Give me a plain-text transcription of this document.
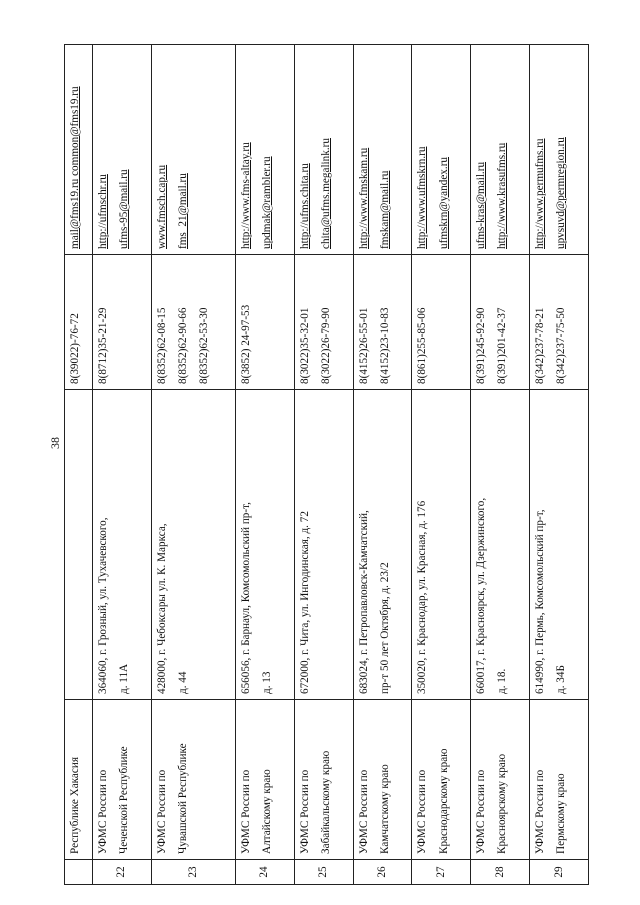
38

	Республике Хакасия		8(39022)-76-72	mail@fms19.ru common@fms19.ru

22	УФМС России по Чеченской Республике	364060, г. Грозный, ул. Тухачевского, д. 11А	8(8712)35-21-29	http://ufmschr.ru ufms-95@mail.ru

23	УФМС России по Чувашской Республике	428000, г. Чебоксары ул. К. Маркса, д. 44	8(8352)62-08-15 8(8352)62-90-66 8(8352)62-53-30	www.fmsch.cap.ru fms_21@mail.ru

24	УФМС России по Алтайскому краю	656056, г. Барнаул, Комсомольский пр-т, д. 13	8(3852) 24-97-53	http://www.fms-altay.ru updmak@rambler.ru

25	УФМС России по Забайкальскому краю	672000, г. Чита, ул. Ингодинская, д. 72	8(3022)35-32-01 8(3022)26-79-90	http://ufms.chita.ru chita@ufms.megalink.ru

26	УФМС России по Камчатскому краю	683024, г. Петропавловск-Камчатский, пр-т 50 лет Октября, д. 23/2	8(4152)26-55-01 8(4152)23-10-83	http://www.fmskam.ru fmskam@mail.ru

27	УФМС России по Краснодарскому краю	350020, г. Краснодар, ул. Красная, д. 176	8(861)255-85-06	http://www.ufmskrn.ru ufmskrn@yandex.ru

28	УФМС России по Красноярскому краю	660017, г. Красноярск, ул. Дзержинского, д. 18.	8(391)245-92-90 8(391)201-42-37	ufms-kras@mail.ru http://www.krasufms.ru

29	УФМС России по Пермскому краю	614990, г. Пермь, Комсомольский пр-т, д. 34Б	8(342)237-78-21 8(342)237-75-50	http://www.permufms.ru upvsuvd@permregion.ru
